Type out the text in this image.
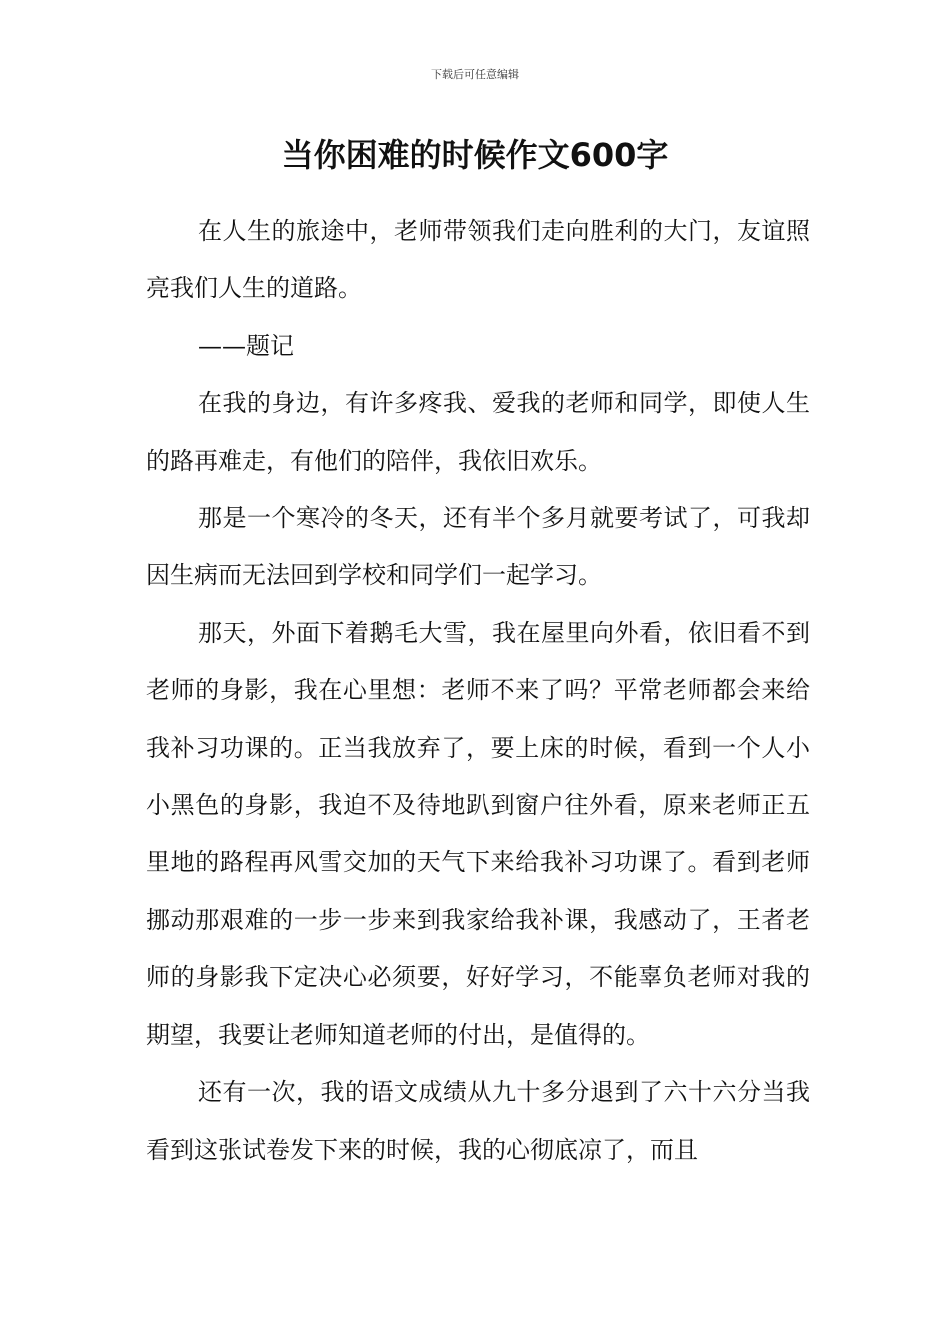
下载后可任意编辑
当你困难的时候作文600字

在人生的旅途中，老师带领我们走向胜利的大门，友谊照亮我们人生的道路。

——题记

在我的身边，有许多疼我、爱我的老师和同学，即使人生的路再难走，有他们的陪伴，我依旧欢乐。

那是一个寒冷的冬天，还有半个多月就要考试了，可我却因生病而无法回到学校和同学们一起学习。

那天，外面下着鹅毛大雪，我在屋里向外看，依旧看不到老师的身影，我在心里想：老师不来了吗？平常老师都会来给我补习功课的。正当我放弃了，要上床的时候，看到一个人小小黑色的身影，我迫不及待地趴到窗户往外看，原来老师正五里地的路程再风雪交加的天气下来给我补习功课了。看到老师挪动那艰难的一步一步来到我家给我补课，我感动了，王者老师的身影我下定决心必须要，好好学习，不能辜负老师对我的期望，我要让老师知道老师的付出，是值得的。

还有一次，我的语文成绩从九十多分退到了六十六分当我看到这张试卷发下来的时候，我的心彻底凉了，而且
